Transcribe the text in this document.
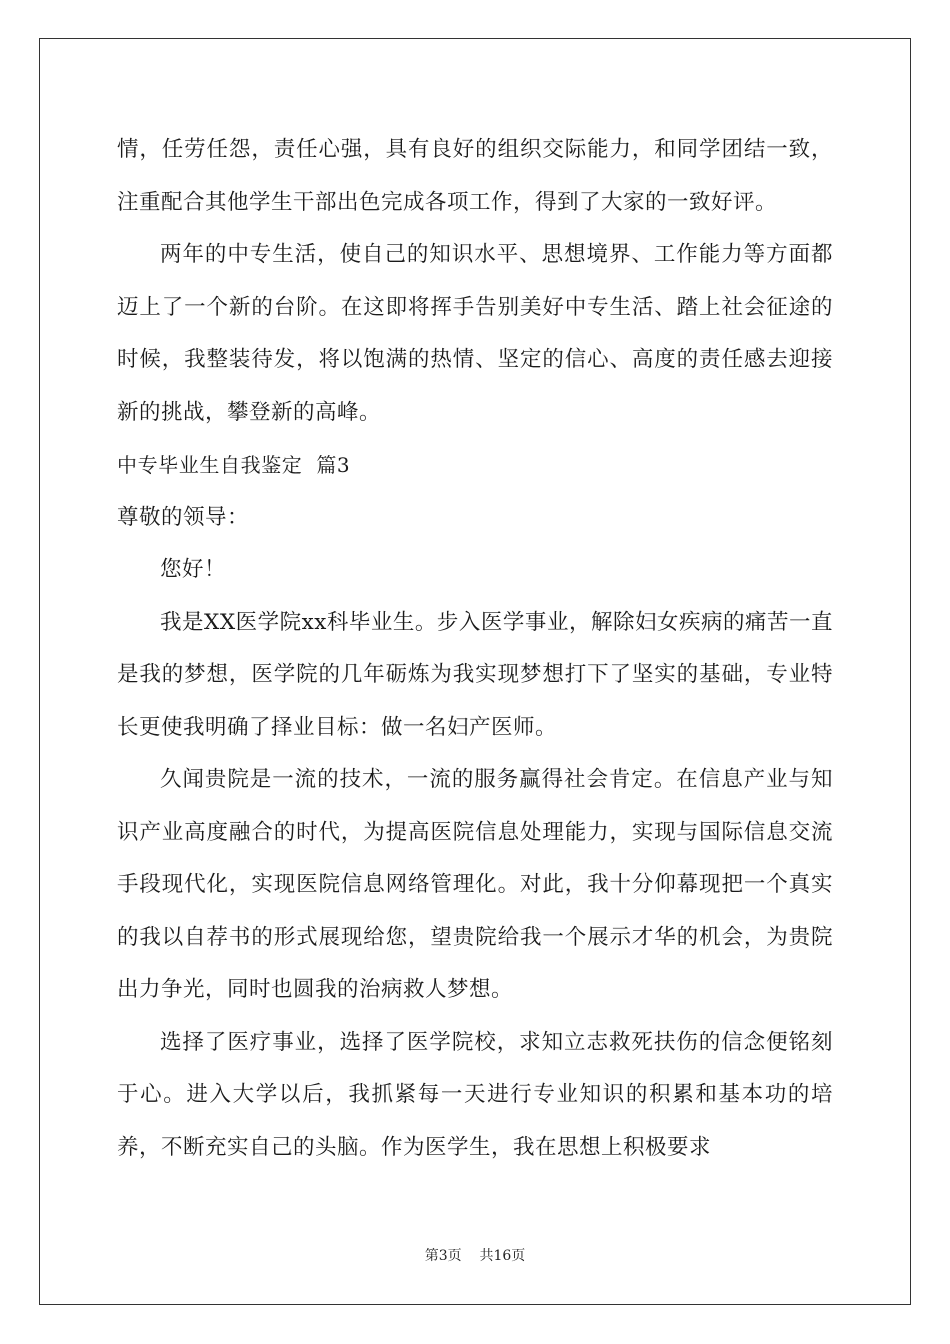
情，任劳任怨，责任心强，具有良好的组织交际能力，和同学团结一致，注重配合其他学生干部出色完成各项工作，得到了大家的一致好评。

两年的中专生活，使自己的知识水平、思想境界、工作能力等方面都迈上了一个新的台阶。在这即将挥手告别美好中专生活、踏上社会征途的时候，我整装待发，将以饱满的热情、坚定的信心、高度的责任感去迎接新的挑战，攀登新的高峰。

中专毕业生自我鉴定  篇3

尊敬的领导：

您好！

我是XX医学院xx科毕业生。步入医学事业，解除妇女疾病的痛苦一直是我的梦想，医学院的几年砺炼为我实现梦想打下了坚实的基础，专业特长更使我明确了择业目标：做一名妇产医师。

久闻贵院是一流的技术，一流的服务赢得社会肯定。在信息产业与知识产业高度融合的时代，为提高医院信息处理能力，实现与国际信息交流手段现代化，实现医院信息网络管理化。对此，我十分仰幕现把一个真实的我以自荐书的形式展现给您，望贵院给我一个展示才华的机会，为贵院出力争光，同时也圆我的治病救人梦想。

选择了医疗事业，选择了医学院校，求知立志救死扶伤的信念便铭刻于心。进入大学以后，我抓紧每一天进行专业知识的积累和基本功的培养，不断充实自己的头脑。作为医学生，我在思想上积极要求

第3页    共16页
